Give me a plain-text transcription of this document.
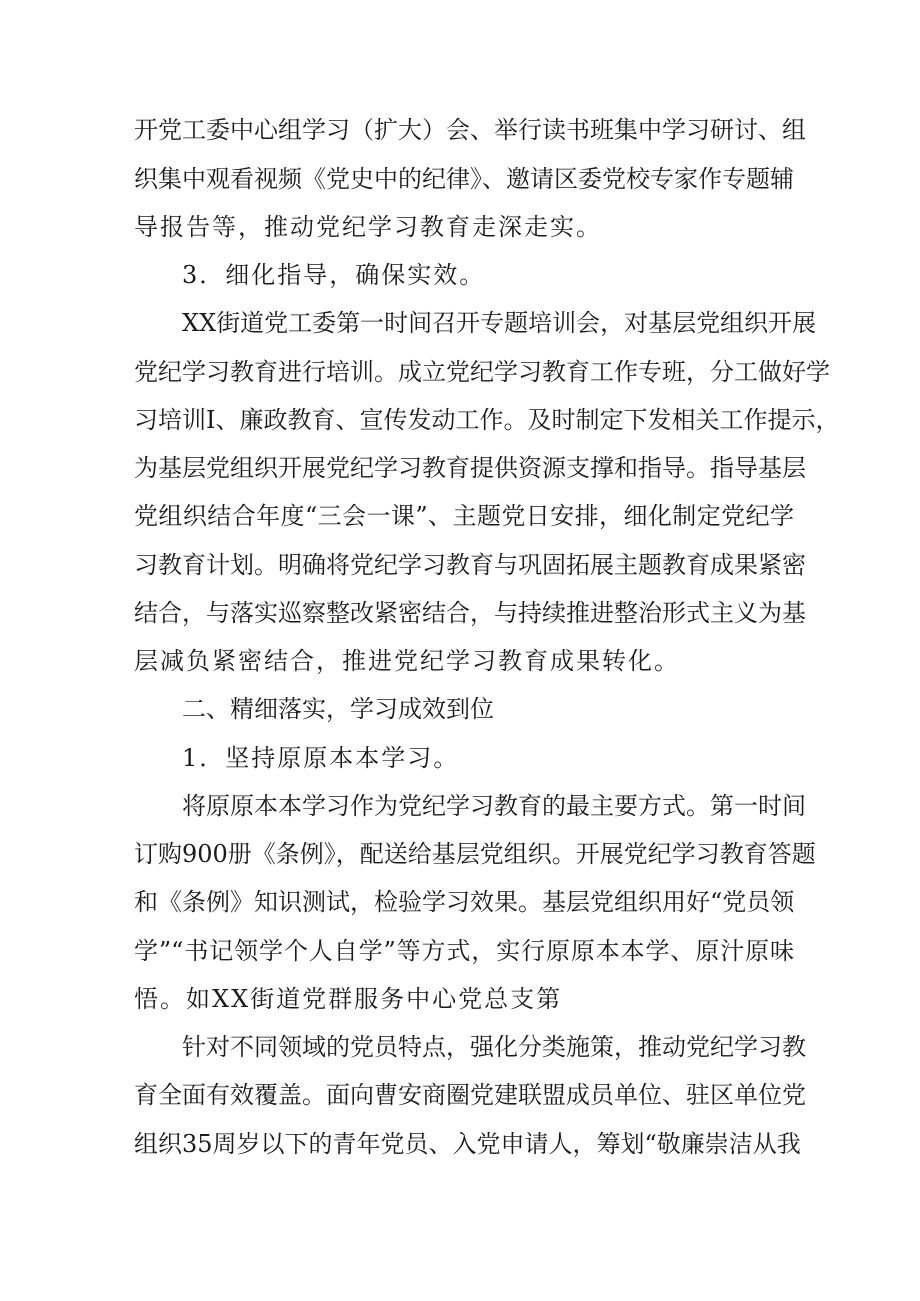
开党工委中心组学习（扩大）会、举行读书班集中学习研讨、组
织集中观看视频《党史中的纪律》、邀请区委党校专家作专题辅
导报告等，推动党纪学习教育走深走实。
3．细化指导，确保实效。
XX街道党工委第一时间召开专题培训会，对基层党组织开展
党纪学习教育进行培训。成立党纪学习教育工作专班，分工做好学
习培训I、廉政教育、宣传发动工作。及时制定下发相关工作提示，
为基层党组织开展党纪学习教育提供资源支撑和指导。指导基层
党组织结合年度“三会一课”、主题党日安排，细化制定党纪学
习教育计划。明确将党纪学习教育与巩固拓展主题教育成果紧密
结合，与落实巡察整改紧密结合，与持续推进整治形式主义为基
层减负紧密结合，推进党纪学习教育成果转化。
二、精细落实，学习成效到位
1．坚持原原本本学习。
将原原本本学习作为党纪学习教育的最主要方式。第一时间
订购900册《条例》，配送给基层党组织。开展党纪学习教育答题
和《条例》知识测试，检验学习效果。基层党组织用好“党员领
学”“书记领学个人自学”等方式，实行原原本本学、原汁原味
悟。如XX街道党群服务中心党总支第
针对不同领域的党员特点，强化分类施策，推动党纪学习教
育全面有效覆盖。面向曹安商圈党建联盟成员单位、驻区单位党
组织35周岁以下的青年党员、入党申请人，筹划“敬廉崇洁从我
